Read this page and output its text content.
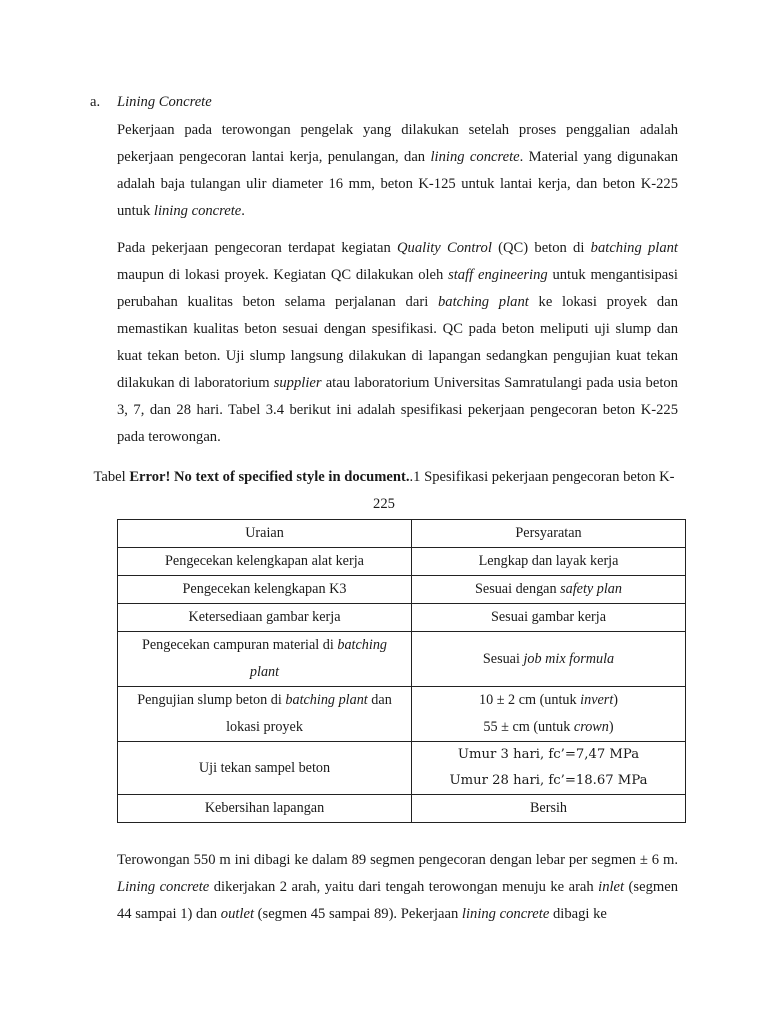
a. Lining Concrete
Pekerjaan pada terowongan pengelak yang dilakukan setelah proses penggalian adalah pekerjaan pengecoran lantai kerja, penulangan, dan lining concrete. Material yang digunakan adalah baja tulangan ulir diameter 16 mm, beton K-125 untuk lantai kerja, dan beton K-225 untuk lining concrete.
Pada pekerjaan pengecoran terdapat kegiatan Quality Control (QC) beton di batching plant maupun di lokasi proyek. Kegiatan QC dilakukan oleh staff engineering untuk mengantisipasi perubahan kualitas beton selama perjalanan dari batching plant ke lokasi proyek dan memastikan kualitas beton sesuai dengan spesifikasi. QC pada beton meliputi uji slump dan kuat tekan beton. Uji slump langsung dilakukan di lapangan sedangkan pengujian kuat tekan dilakukan di laboratorium supplier atau laboratorium Universitas Samratulangi pada usia beton 3, 7, dan 28 hari. Tabel 3.4 berikut ini adalah spesifikasi pekerjaan pengecoran beton K-225 pada terowongan.
Tabel Error! No text of specified style in document..1 Spesifikasi pekerjaan pengecoran beton K-225
Uraian	Persyaratan
Pengecekan kelengkapan alat kerja	Lengkap dan layak kerja
Pengecekan kelengkapan K3	Sesuai dengan safety plan
Ketersediaan gambar kerja	Sesuai gambar kerja
Pengecekan campuran material di batching plant	Sesuai job mix formula
Pengujian slump beton di batching plant dan lokasi proyek	10 ± 2 cm (untuk invert)
55 ± cm (untuk crown)

Uji tekan sampel beton	Umur 3 hari, fc’=7,47 MPa
Umur 28 hari, fc’=18.67 MPa

Kebersihan lapangan	Bersih
Terowongan 550 m ini dibagi ke dalam 89 segmen pengecoran dengan lebar per segmen ± 6 m. Lining concrete dikerjakan 2 arah, yaitu dari tengah terowongan menuju ke arah inlet (segmen 44 sampai 1) dan outlet (segmen 45 sampai 89). Pekerjaan lining concrete dibagi ke
